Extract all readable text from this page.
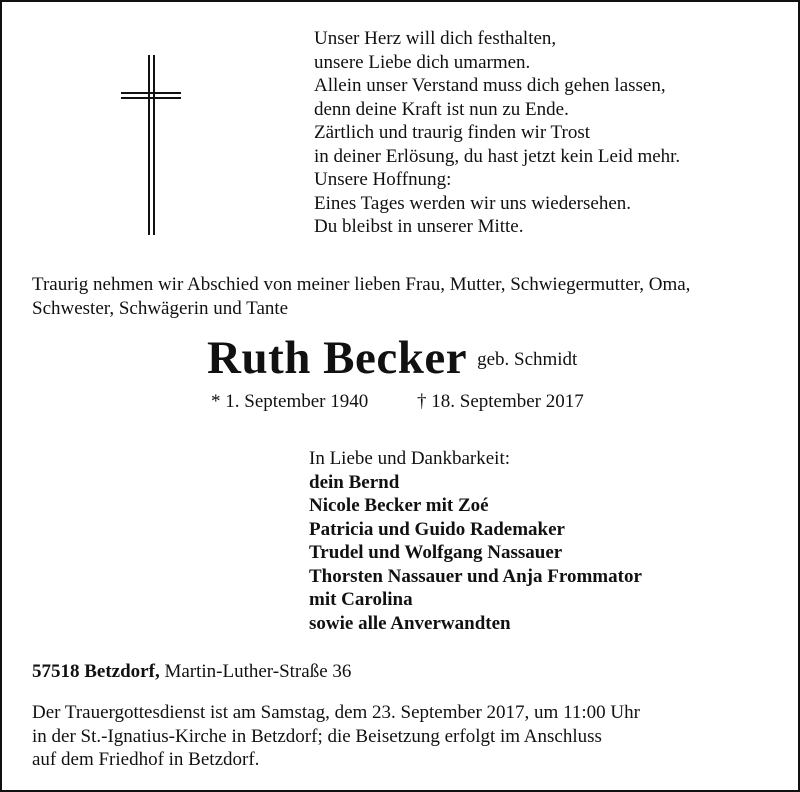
Unser Herz will dich festhalten,
unsere Liebe dich umarmen.
Allein unser Verstand muss dich gehen lassen,
denn deine Kraft ist nun zu Ende.
Zärtlich und traurig finden wir Trost
in deiner Erlösung, du hast jetzt kein Leid mehr.
Unsere Hoffnung:
Eines Tages werden wir uns wiedersehen.
Du bleibst in unserer Mitte.
Traurig nehmen wir Abschied von meiner lieben Frau, Mutter, Schwiegermutter, Oma,
Schwester, Schwägerin und Tante
Ruth Becker geb. Schmidt
* 1. September 1940	† 18. September 2017
In Liebe und Dankbarkeit:
dein Bernd
Nicole Becker mit Zoé
Patricia und Guido Rademaker
Trudel und Wolfgang Nassauer
Thorsten Nassauer und Anja Frommator
mit Carolina
sowie alle Anverwandten
57518 Betzdorf, Martin-Luther-Straße 36
Der Trauergottesdienst ist am Samstag, dem 23. September 2017, um 11:00 Uhr
in der St.-Ignatius-Kirche in Betzdorf; die Beisetzung erfolgt im Anschluss
auf dem Friedhof in Betzdorf.
